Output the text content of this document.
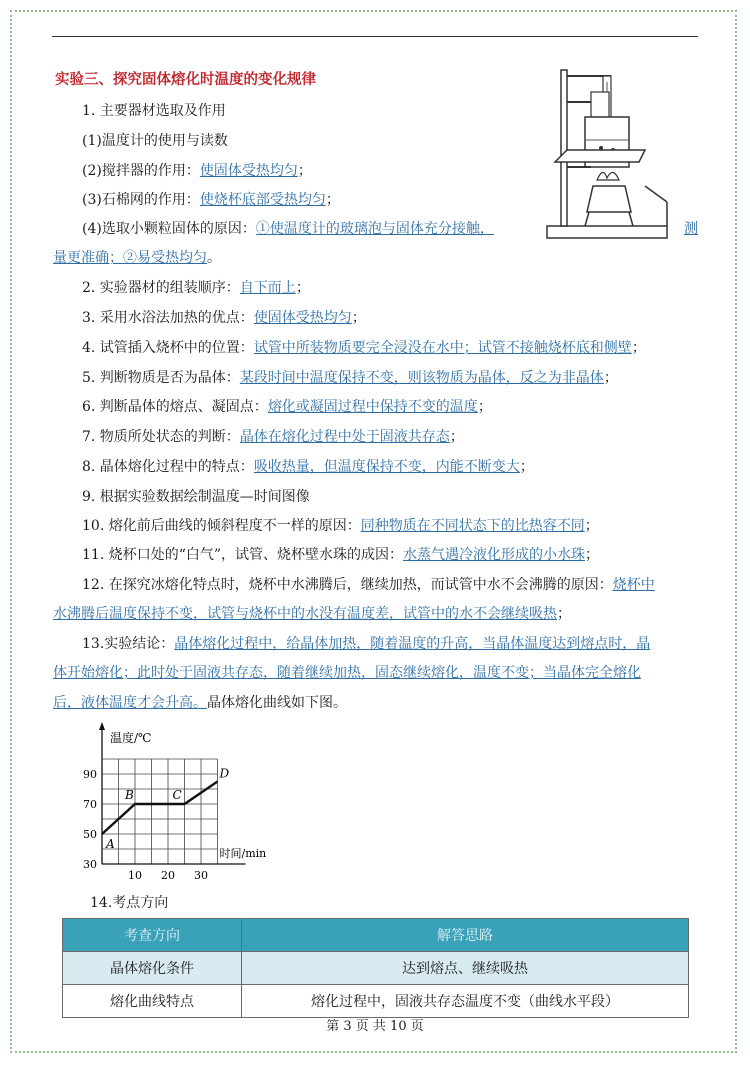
实验三、探究固体熔化时温度的变化规律
1. 主要器材选取及作用
(1)温度计的使用与读数
(2)搅拌器的作用：使固体受热均匀；
(3)石棉网的作用：使烧杯底部受热均匀；
(4)选取小颗粒固体的原因：①使温度计的玻璃泡与固体充分接触，	测
量更准确；②易受热均匀。
2. 实验器材的组装顺序：自下而上；
3. 采用水浴法加热的优点：使固体受热均匀；
4. 试管插入烧杯中的位置：试管中所装物质要完全浸没在水中；试管不接触烧杯底和侧壁；
5. 判断物质是否为晶体：某段时间中温度保持不变，则该物质为晶体，反之为非晶体；
6. 判断晶体的熔点、凝固点：熔化或凝固过程中保持不变的温度；
7. 物质所处状态的判断：晶体在熔化过程中处于固液共存态；
8. 晶体熔化过程中的特点：吸收热量，但温度保持不变，内能不断变大；
9. 根据实验数据绘制温度—时间图像
10. 熔化前后曲线的倾斜程度不一样的原因：同种物质在不同状态下的比热容不同；
11. 烧杯口处的“白气”，试管、烧杯壁水珠的成因：水蒸气遇冷液化形成的小水珠；
12. 在探究冰熔化特点时，烧杯中水沸腾后，继续加热，而试管中水不会沸腾的原因：烧杯中
水沸腾后温度保持不变，试管与烧杯中的水没有温度差，试管中的水不会继续吸热；
13.实验结论：晶体熔化过程中，给晶体加热，随着温度的升高，当晶体温度达到熔点时，晶
体开始熔化；此时处于固液共存态，随着继续加热，固态继续熔化，温度不变；当晶体完全熔化
后，液体温度才会升高。晶体熔化曲线如下图。
30
50
70
90
10 20 30
温度/℃
时间/min
A
B	C
D
14.考点方向
考查方向	解答思路
晶体熔化条件	达到熔点、继续吸热
熔化曲线特点	熔化过程中，固液共存态温度不变（曲线水平段）
第 3 页 共 10 页
